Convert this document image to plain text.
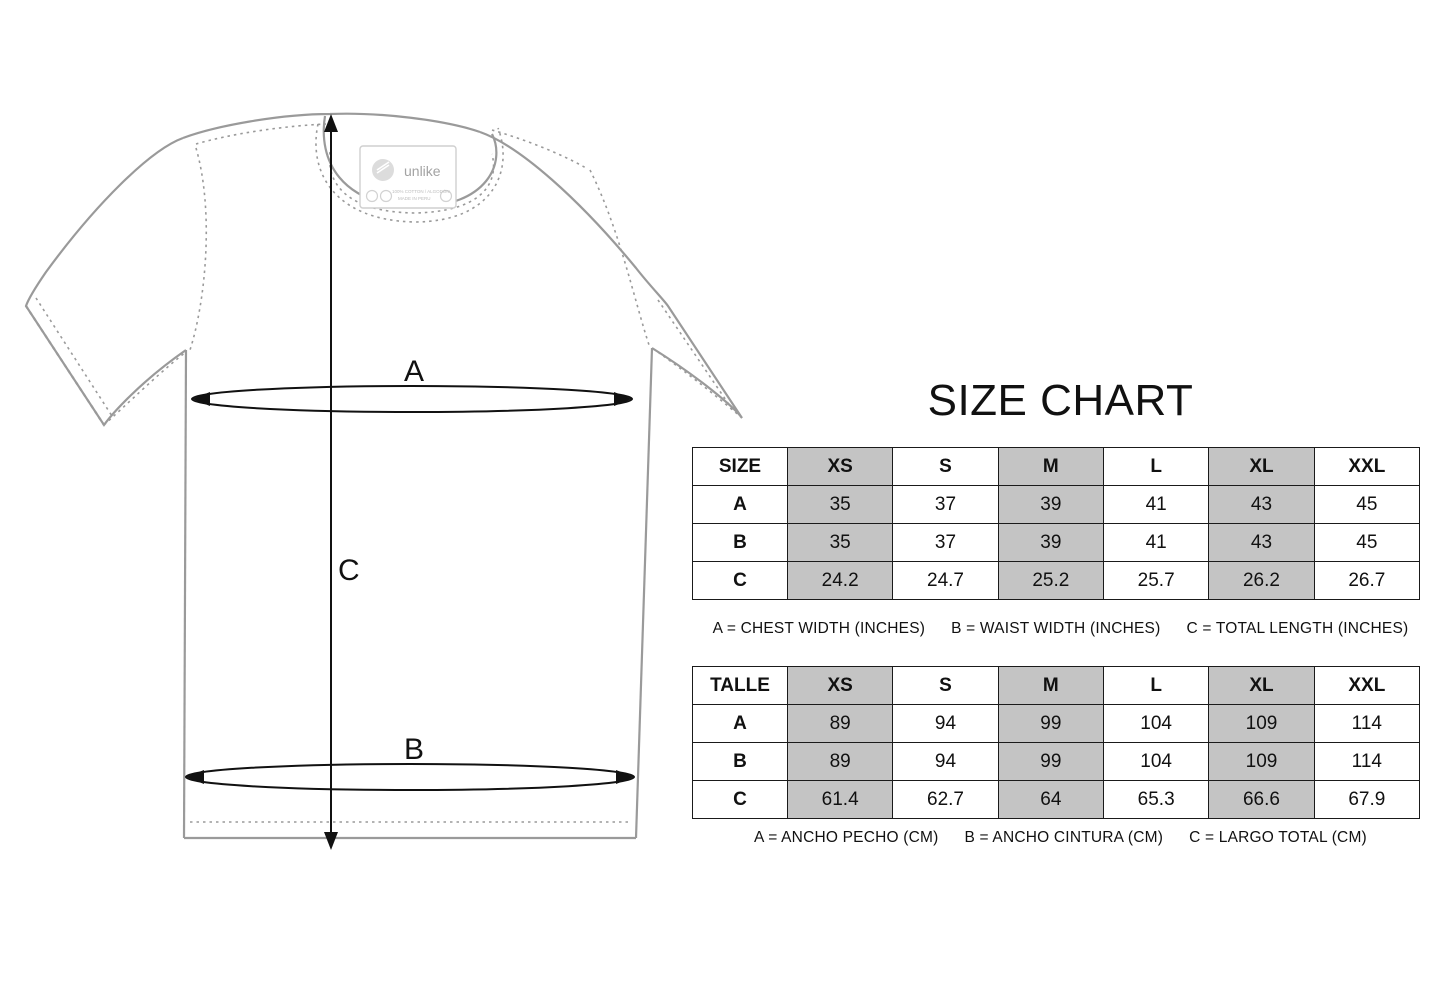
A
B
C
unlike
100% COTTON / ALGODÓN
MADE IN PERU
SIZE CHART
SIZE	XS	S	M	L	XL	XXL
A	35	37	39	41	43	45
B	35	37	39	41	43	45
C	24.2	24.7	25.2	25.7	26.2	26.7
A = CHEST WIDTH (INCHES) B = WAIST WIDTH (INCHES) C = TOTAL LENGTH (INCHES)
TALLE	XS	S	M	L	XL	XXL
A	89	94	99	104	109	114
B	89	94	99	104	109	114
C	61.4	62.7	64	65.3	66.6	67.9
A = ANCHO PECHO (CM) B = ANCHO CINTURA (CM) C = LARGO TOTAL (CM)
